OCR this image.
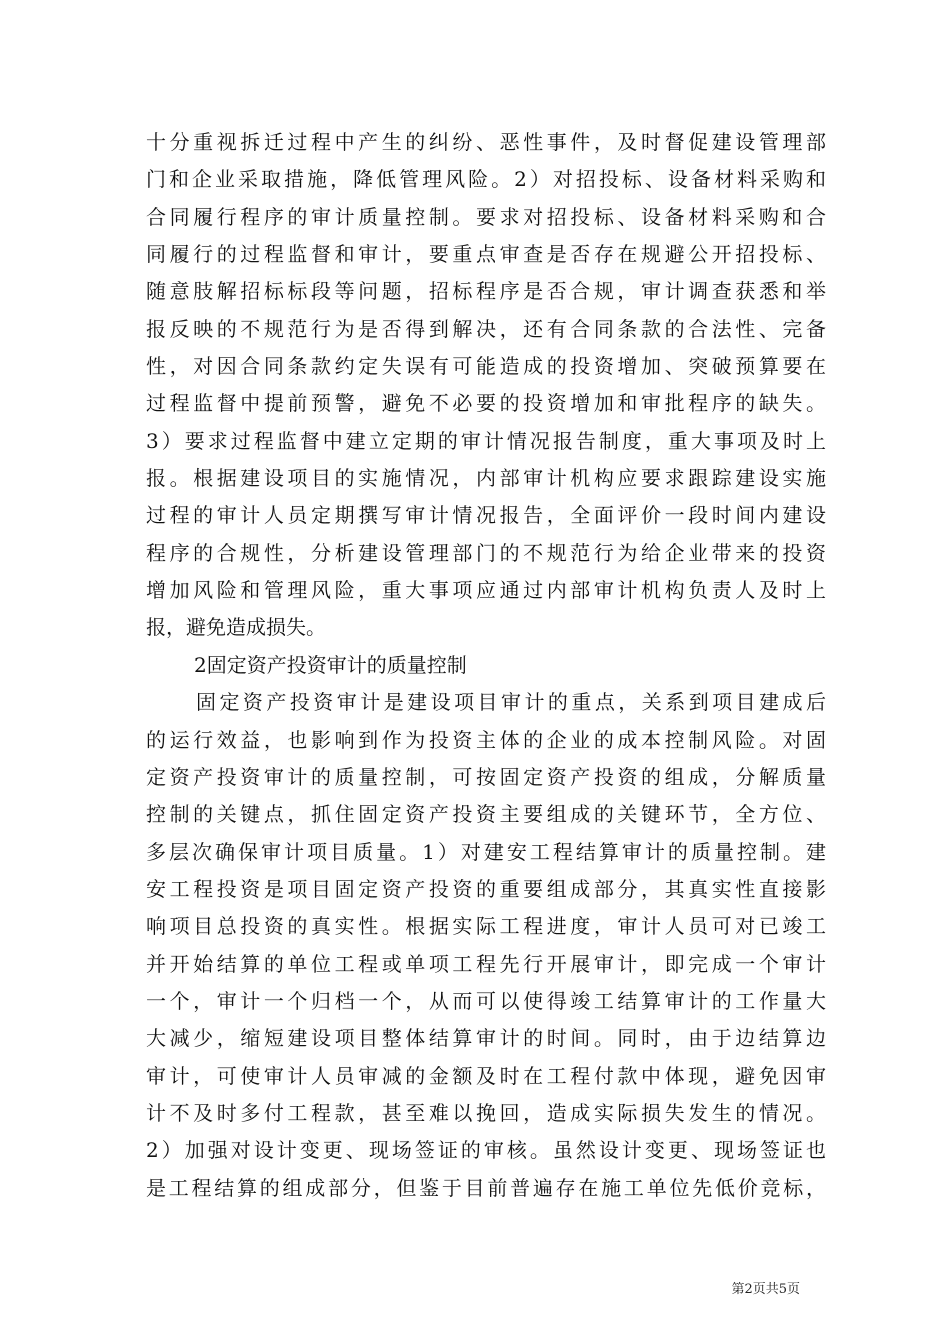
十分重视拆迁过程中产生的纠纷、恶性事件，及时督促建设管理部
门和企业采取措施，降低管理风险。2）对招投标、设备材料采购和
合同履行程序的审计质量控制。要求对招投标、设备材料采购和合
同履行的过程监督和审计，要重点审查是否存在规避公开招投标、
随意肢解招标标段等问题，招标程序是否合规，审计调查获悉和举
报反映的不规范行为是否得到解决，还有合同条款的合法性、完备
性，对因合同条款约定失误有可能造成的投资增加、突破预算要在
过程监督中提前预警，避免不必要的投资增加和审批程序的缺失。
3）要求过程监督中建立定期的审计情况报告制度，重大事项及时上
报。根据建设项目的实施情况，内部审计机构应要求跟踪建设实施
过程的审计人员定期撰写审计情况报告，全面评价一段时间内建设
程序的合规性，分析建设管理部门的不规范行为给企业带来的投资
增加风险和管理风险，重大事项应通过内部审计机构负责人及时上
报，避免造成损失。
2固定资产投资审计的质量控制
固定资产投资审计是建设项目审计的重点，关系到项目建成后
的运行效益，也影响到作为投资主体的企业的成本控制风险。对固
定资产投资审计的质量控制，可按固定资产投资的组成，分解质量
控制的关键点，抓住固定资产投资主要组成的关键环节，全方位、
多层次确保审计项目质量。1）对建安工程结算审计的质量控制。建
安工程投资是项目固定资产投资的重要组成部分，其真实性直接影
响项目总投资的真实性。根据实际工程进度，审计人员可对已竣工
并开始结算的单位工程或单项工程先行开展审计，即完成一个审计
一个，审计一个归档一个，从而可以使得竣工结算审计的工作量大
大减少，缩短建设项目整体结算审计的时间。同时，由于边结算边
审计，可使审计人员审减的金额及时在工程付款中体现，避免因审
计不及时多付工程款，甚至难以挽回，造成实际损失发生的情况。
2）加强对设计变更、现场签证的审核。虽然设计变更、现场签证也
是工程结算的组成部分，但鉴于目前普遍存在施工单位先低价竞标，
第2页共5页
